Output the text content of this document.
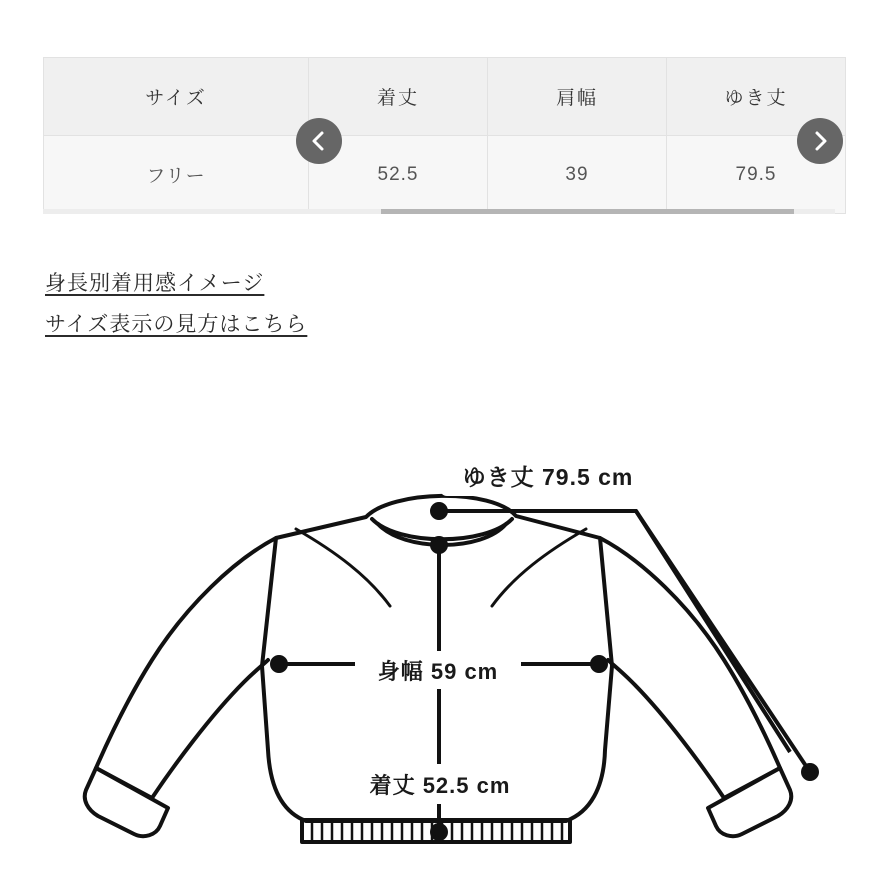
サイズ	着丈	肩幅	ゆき丈
フリー	52.5	39	79.5
身長別着用感イメージ
サイズ表示の見方はこちら
ゆき丈 79.5 cm
身幅 59 cm
着丈 52.5 cm
